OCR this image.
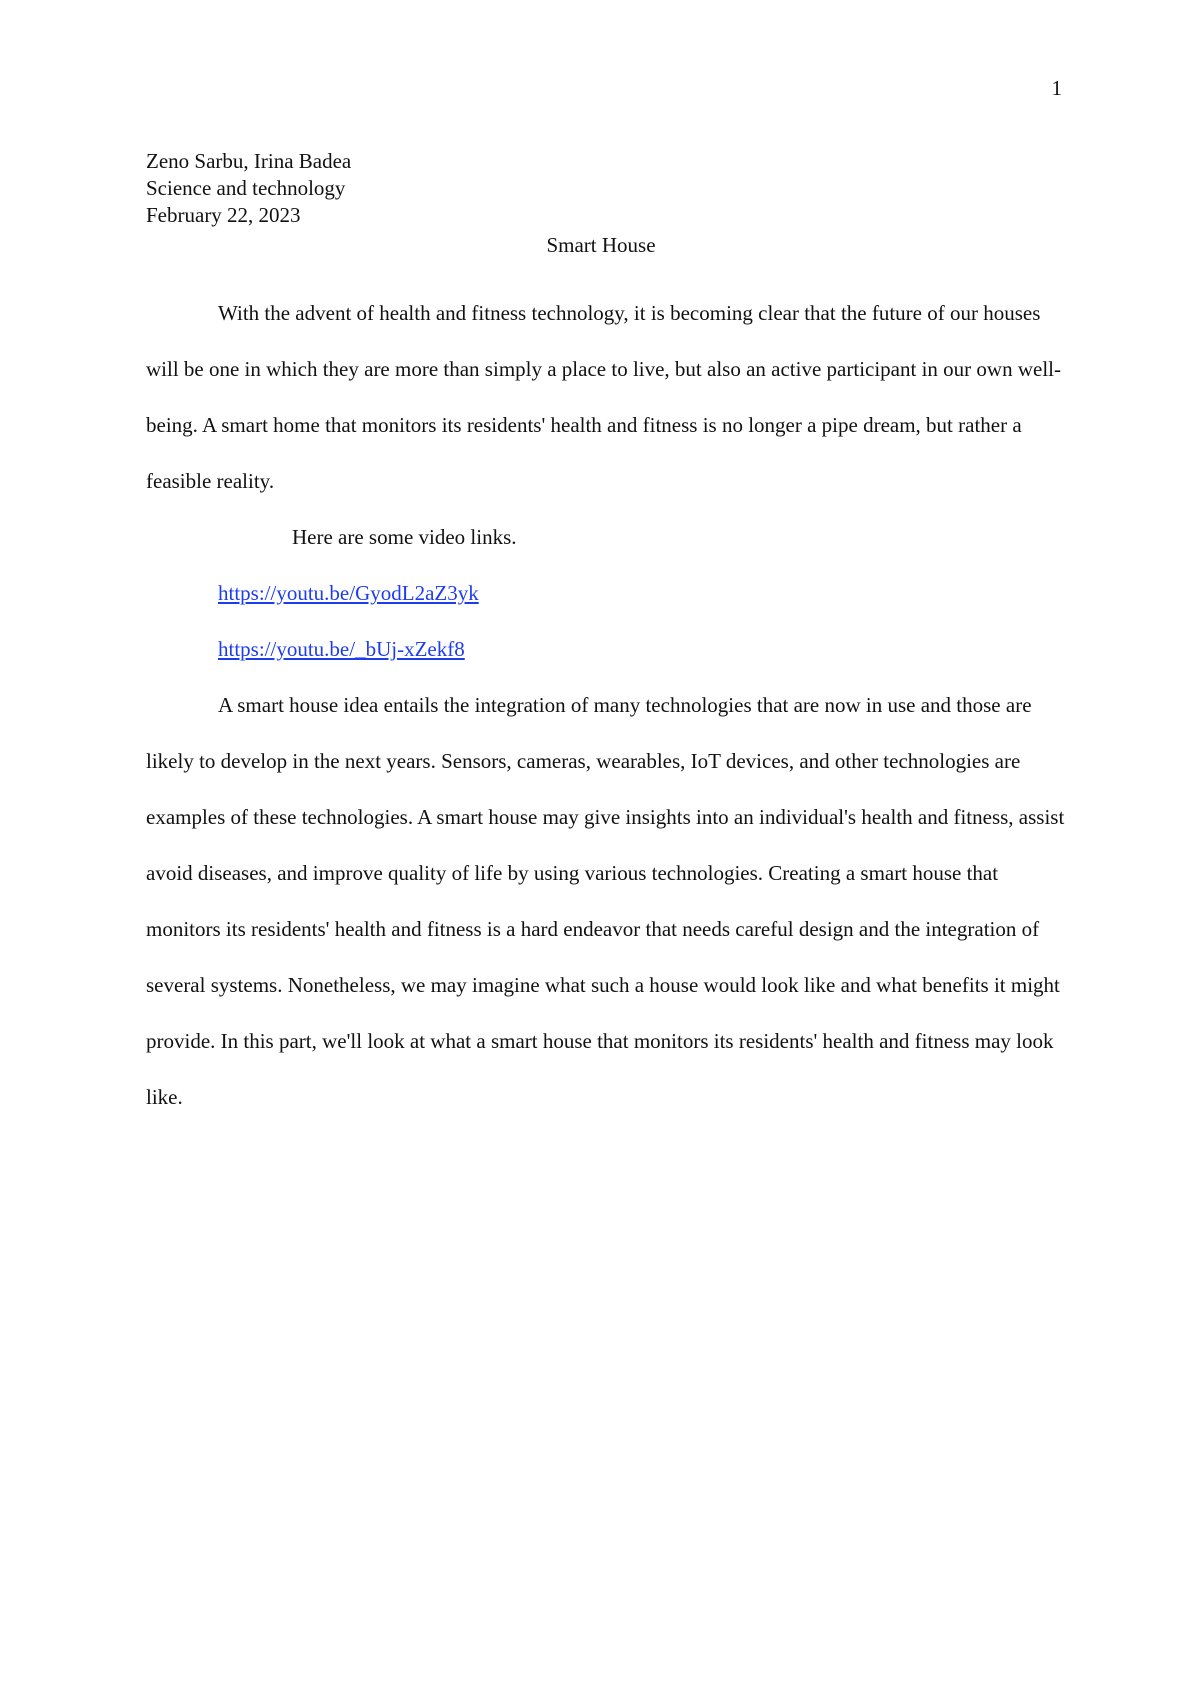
1
Zeno Sarbu, Irina Badea
Science and technology
February 22, 2023
Smart House

With the advent of health and fitness technology, it is becoming clear that the future of our houses will be one in which they are more than simply a place to live, but also an active participant in our own well-being. A smart home that monitors its residents' health and fitness is no longer a pipe dream, but rather a feasible reality.

Here are some video links.

https://youtu.be/GyodL2aZ3yk

https://youtu.be/_bUj-xZekf8

A smart house idea entails the integration of many technologies that are now in use and those are likely to develop in the next years. Sensors, cameras, wearables, IoT devices, and other technologies are examples of these technologies. A smart house may give insights into an individual's health and fitness, assist avoid diseases, and improve quality of life by using various technologies. Creating a smart house that monitors its residents' health and fitness is a hard endeavor that needs careful design and the integration of several systems. Nonetheless, we may imagine what such a house would look like and what benefits it might provide. In this part, we'll look at what a smart house that monitors its residents' health and fitness may look like.
